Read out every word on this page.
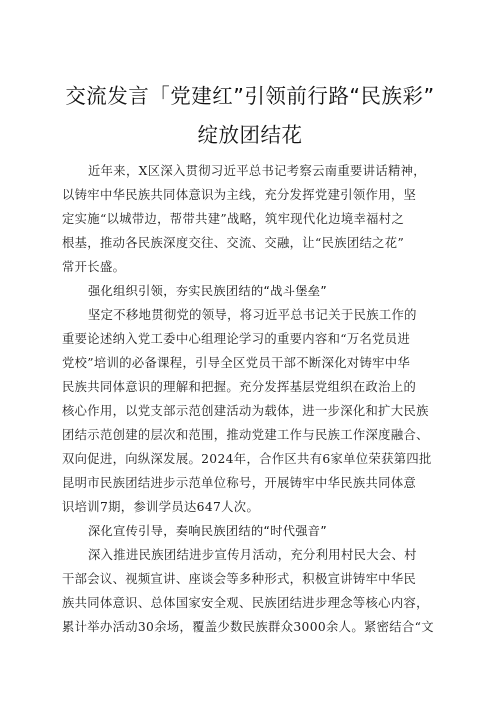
交流发言「党建红”引领前行路“民族彩”
绽放团结花
近年来，X区深入贯彻习近平总书记考察云南重要讲话精神，
以铸牢中华民族共同体意识为主线，充分发挥党建引领作用，坚
定实施“以城带边，帮带共建”战略，筑牢现代化边境幸福村之
根基，推动各民族深度交往、交流、交融，让“民族团结之花”
常开长盛。
强化组织引领，夯实民族团结的“战斗堡垒”
坚定不移地贯彻党的领导，将习近平总书记关于民族工作的
重要论述纳入党工委中心组理论学习的重要内容和“万名党员进
党校”培训的必备课程，引导全区党员干部不断深化对铸牢中华
民族共同体意识的理解和把握。充分发挥基层党组织在政治上的
核心作用，以党支部示范创建活动为载体，进一步深化和扩大民族
团结示范创建的层次和范围，推动党建工作与民族工作深度融合、
双向促进，向纵深发展。2024年，合作区共有6家单位荣获第四批
昆明市民族团结进步示范单位称号，开展铸牢中华民族共同体意
识培训7期，参训学员达647人次。
深化宣传引导，奏响民族团结的“时代强音”
深入推进民族团结进步宣传月活动，充分利用村民大会、村
干部会议、视频宣讲、座谈会等多种形式，积极宣讲铸牢中华民
族共同体意识、总体国家安全观、民族团结进步理念等核心内容，
累计举办活动30余场，覆盖少数民族群众3000余人。紧密结合“文
